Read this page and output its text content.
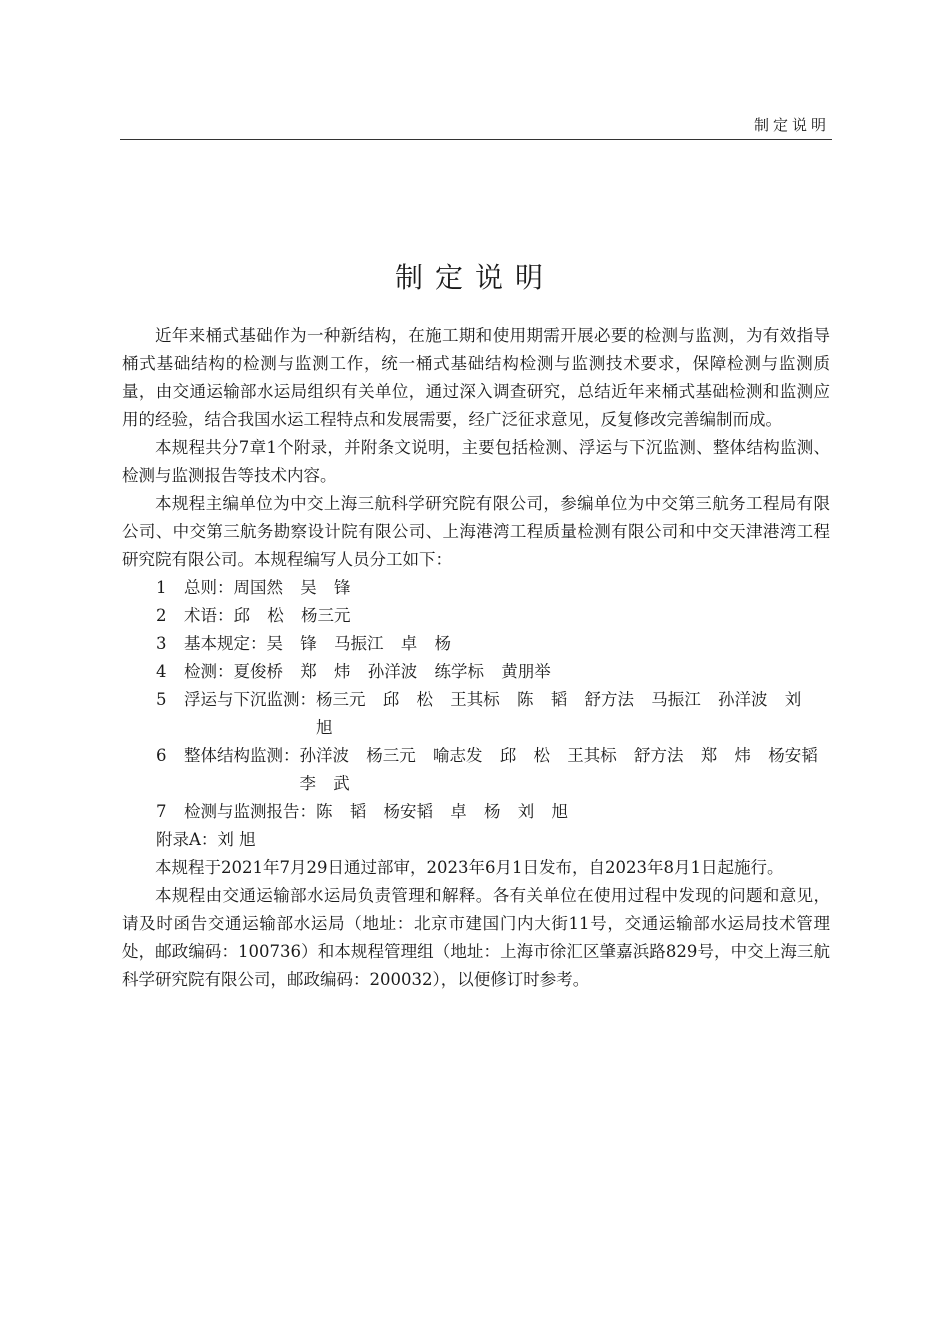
制定说明
制定说明

近年来桶式基础作为一种新结构，在施工期和使用期需开展必要的检测与监测，为有效指导桶式基础结构的检测与监测工作，统一桶式基础结构检测与监测技术要求，保障检测与监测质量，由交通运输部水运局组织有关单位，通过深入调查研究，总结近年来桶式基础检测和监测应用的经验，结合我国水运工程特点和发展需要，经广泛征求意见，反复修改完善编制而成。

本规程共分7章1个附录，并附条文说明，主要包括检测、浮运与下沉监测、整体结构监测、检测与监测报告等技术内容。

本规程主编单位为中交上海三航科学研究院有限公司，参编单位为中交第三航务工程局有限公司、中交第三航务勘察设计院有限公司、上海港湾工程质量检测有限公司和中交天津港湾工程研究院有限公司。本规程编写人员分工如下：

1	总则： 周国然 吴 锋
2	术语： 邱 松 杨三元
3	基本规定： 吴 锋 马振江 卓 杨
4	检测： 夏俊桥 郑 炜 孙洋波 练学标 黄朋举
5	浮运与下沉监测： 杨三元 邱 松 王其标 陈 韬 舒方法 马振江 孙洋波 刘 旭
6	整体结构监测： 孙洋波 杨三元 喻志发 邱 松 王其标 舒方法 郑 炜 杨安韬 李 武
7	检测与监测报告： 陈 韬 杨安韬 卓 杨 刘 旭
附录A：刘 旭

本规程于2021年7月29日通过部审，2023年6月1日发布，自2023年8月1日起施行。

本规程由交通运输部水运局负责管理和解释。各有关单位在使用过程中发现的问题和意见，请及时函告交通运输部水运局（地址：北京市建国门内大街11号，交通运输部水运局技术管理处，邮政编码：100736）和本规程管理组（地址：上海市徐汇区肇嘉浜路829号，中交上海三航科学研究院有限公司，邮政编码：200032），以便修订时参考。
